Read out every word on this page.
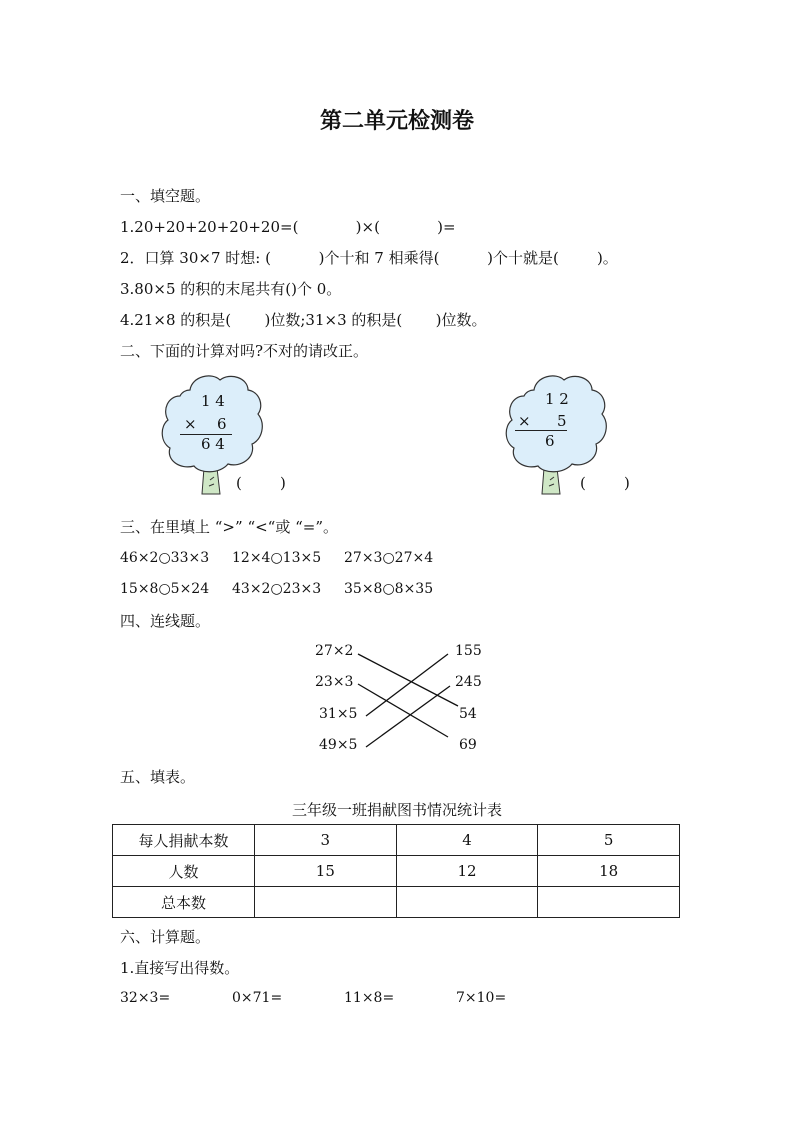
第二单元检测卷
一、填空题。
1.20+20+20+20+20=(            )×(            )=
2．口算 30×7 时想: (          )个十和 7 相乘得(          )个十就是(        )。
3.80×5 的积的末尾共有()个 0。
4.21×8 的积是(       )位数;31×3 的积是(       )位数。
二、下面的计算对吗?不对的请改正。
1 4
× 6
6 4
(        )
1 2
× 5
6
(        )
三、在里填上 “>” “<“或 “=”。
46×2○33×3 12×4○13×5 27×3○27×4
15×8○5×24 43×2○23×3 35×8○8×35
四、连线题。
27×2
23×3
31×5
49×5
155
245
54
69
五、填表。
三年级一班捐献图书情况统计表
每人捐献本数	3	4	5
人数	15	12	18
总本数			
六、计算题。
1.直接写出得数。
32×3=	0×71=	11×8=	7×10=
